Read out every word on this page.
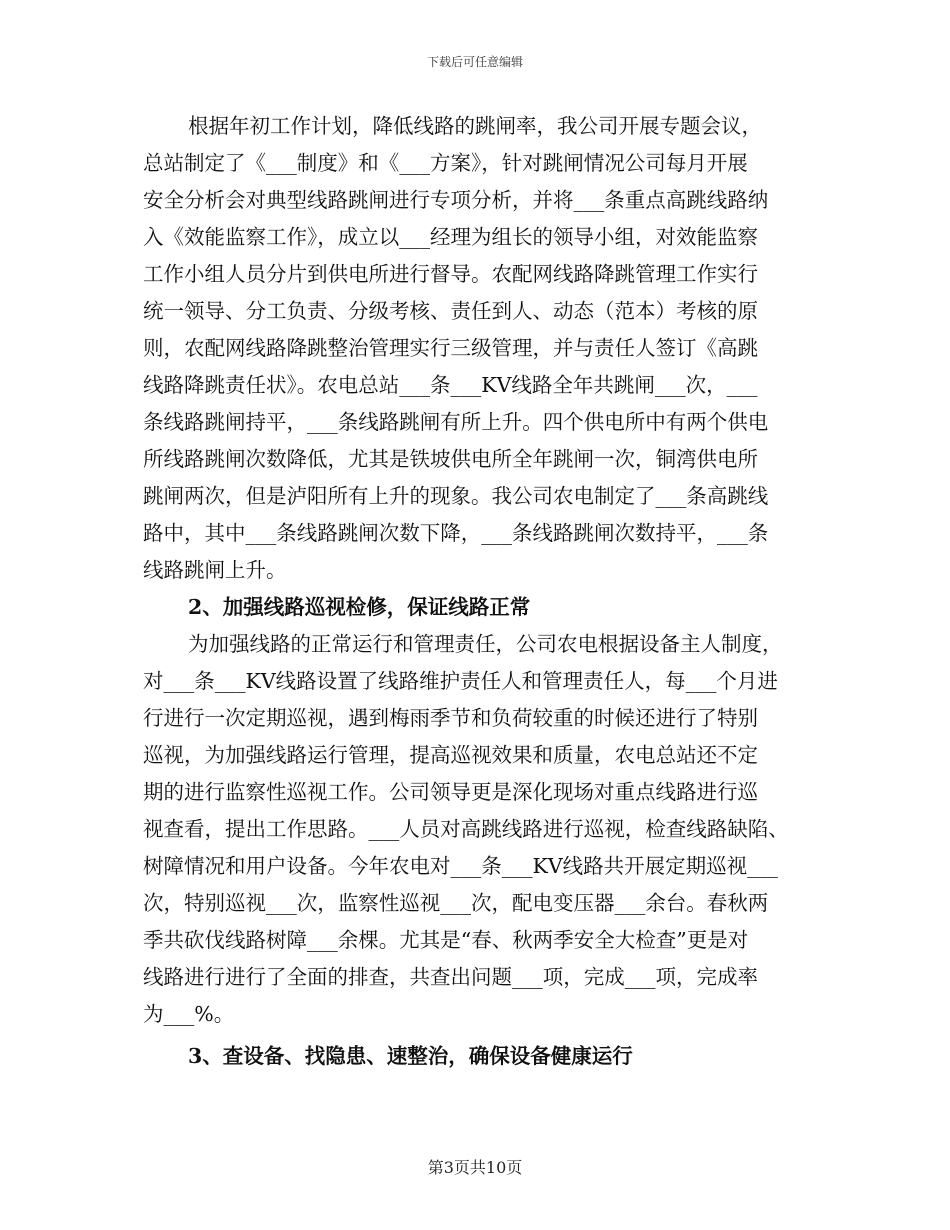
下载后可任意编辑
根据年初工作计划，降低线路的跳闸率，我公司开展专题会议，
总站制定了《___制度》和《___方案》，针对跳闸情况公司每月开展
安全分析会对典型线路跳闸进行专项分析，并将___条重点高跳线路纳
入《效能监察工作》，成立以___经理为组长的领导小组，对效能监察
工作小组人员分片到供电所进行督导。农配网线路降跳管理工作实行
统一领导、分工负责、分级考核、责任到人、动态（范本）考核的原
则，农配网线路降跳整治管理实行三级管理，并与责任人签订《高跳
线路降跳责任状》。农电总站___条___KV线路全年共跳闸___次，___
条线路跳闸持平，___条线路跳闸有所上升。四个供电所中有两个供电
所线路跳闸次数降低，尤其是铁坡供电所全年跳闸一次，铜湾供电所
跳闸两次，但是泸阳所有上升的现象。我公司农电制定了___条高跳线
路中，其中___条线路跳闸次数下降，___条线路跳闸次数持平，___条
线路跳闸上升。
2、加强线路巡视检修，保证线路正常
为加强线路的正常运行和管理责任，公司农电根据设备主人制度，
对___条___KV线路设置了线路维护责任人和管理责任人，每___个月进
行进行一次定期巡视，遇到梅雨季节和负荷较重的时候还进行了特别
巡视，为加强线路运行管理，提高巡视效果和质量，农电总站还不定
期的进行监察性巡视工作。公司领导更是深化现场对重点线路进行巡
视查看，提出工作思路。___人员对高跳线路进行巡视，检查线路缺陷、
树障情况和用户设备。今年农电对___条___KV线路共开展定期巡视___
次，特别巡视___次，监察性巡视___次，配电变压器___余台。春秋两
季共砍伐线路树障___余棵。尤其是“春、秋两季安全大检查”更是对
线路进行进行了全面的排查，共查出问题___项，完成___项，完成率
为___%。
3、查设备、找隐患、速整治，确保设备健康运行
第3页共10页
